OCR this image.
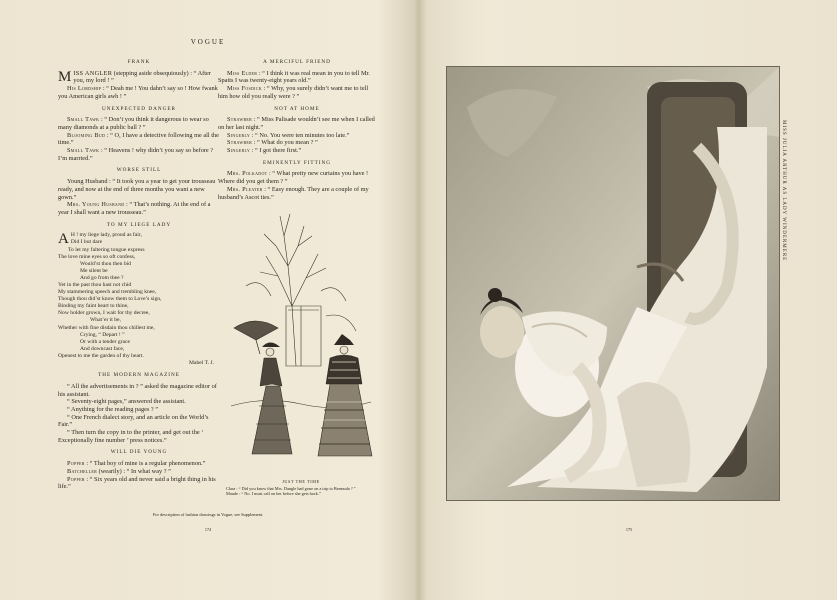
VOGUE
FRANK

MISS ANGLER (stepping aside obsequiously) : “ After you, my lord ! ”

His Lordship : “ Deah me ! You dahn’t say so ! How fwank you American girls awh ! ”

UNEXPECTED DANGER

Small Tawk : “ Don’t you think it dangerous to wear so many diamonds at a public ball ? ”

Blooming Bud : “ O, I have a detective following me all the time.”

Small Tawk : “ Heavens ! why didn’t you say so before ? I’m married.”

WORSE STILL

Young Husband : “ It took you a year to get your trousseau ready, and now at the end of three months you want a new gown.”

Mrs. Young Husband : “ That’s nothing. At the end of a year I shall want a new trousseau.”

TO MY LIEGE LADY
A H ! my liege lady, proud as fair,
Did I but dare
To let my faltering tongue express
The love mine eyes so oft confess,
Would’st thou then bid
Me silent be
And go from thee ?
Yet in the past thou hast not chid
My stammering speech and trembling knee,
Though thou did’st know them to Love’s sign,
Binding my faint heart to thine,
Now holder grown, I wait for thy decree,
What’er it be,
Whether with fine disdain thou chillest me,
Crying, “ Depart ! ”
Or with a tender grace
And downcast face,
Openest to me the garden of thy heart.
Mabel T. J.
THE MODERN MAGAZINE

“ All the advertisements in ? ” asked the magazine editor of his assistant.

“ Seventy-eight pages,” answered the assistant.

“ Anything for the reading pages ? ”

“ One French dialect story, and an article on the World’s Fair.”

“ Then turn the copy in to the printer, and get out the ‘ Exceptionally fine number ’ press notices.”

WILL DIE YOUNG

Popper : “ That boy of mine is a regular phenomenon.”

Batcheller (wearily) : “ In what way ? ”

Popper : “ Six years old and never said a bright thing in his life.”

A MERCIFUL FRIEND

Miss Elder : “ I think it was real mean in you to tell Mr. Spatts I was twenty-eight years old.”

Miss Fosdick : “ Why, you surely didn’t want me to tell him how old you really were ? ”

NOT AT HOME

Strawber : “ Miss Palisade wouldn’t see me when I called on her last night.”

Singerly : “ No. You were ten minutes too late.”

Strawber : “ What do you mean ? ”

Singerly : “ I got there first.”

EMINENTLY FITTING

Mrs. Polkadot : “ What pretty new curtains you have ! Where did you get them ? ”

Mrs. Pleater : “ Easy enough. They are a couple of my husband’s Ascot ties.”

JUST THE TIME
Clara : “ Did you know that Mrs. Dangle had gone on a trip to Bermuda ? ”
Maude : “ No. I must call on her before she gets back.”
For description of fashion drawings in Vogue, see Supplement.
174
MISS JULIA ARTHUR AS LADY WINDERMERE
175
